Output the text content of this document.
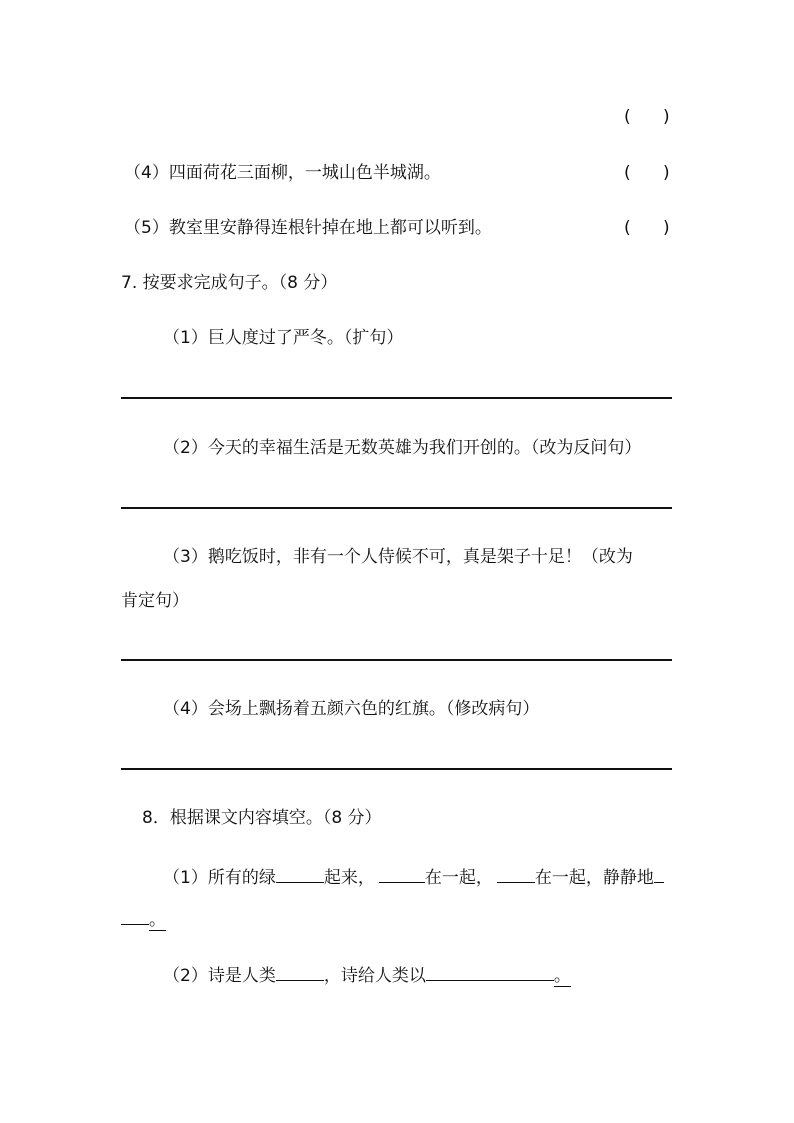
(      )
（4）四面荷花三面柳，一城山色半城湖。	(      )
（5）教室里安静得连根针掉在地上都可以听到。	(      )
7. 按要求完成句子。（8 分）
（1）巨人度过了严冬。（扩句）
（2）今天的幸福生活是无数英雄为我们开创的。（改为反问句）
（3）鹅吃饭时，非有一个人侍候不可，真是架子十足！（改为
肯定句）
（4）会场上飘扬着五颜六色的红旗。（修改病句）
8．根据课文内容填空。（8 分）
（1）所有的绿	起来，	在一起， 在一起，静静地
。
（2）诗是人类	，诗给人类以	。
